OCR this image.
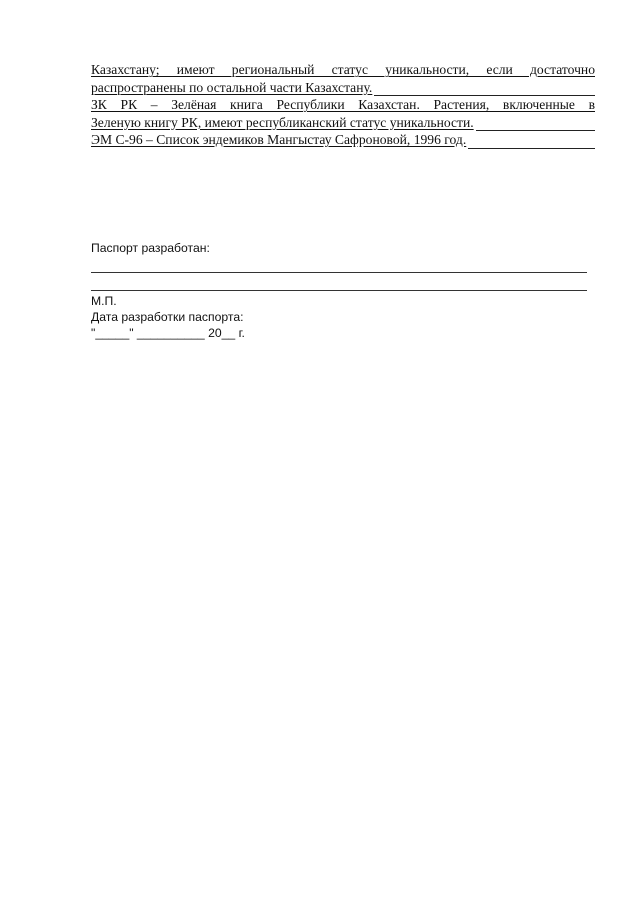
Казахстану; имеют региональный статус уникальности, если достаточно

распространены по остальной части Казахстану.

ЗК РК – Зелёная книга Республики Казахстан. Растения, включенные в

Зеленую книгу РК, имеют республиканский статус уникальности.
ЭМ С-96 – Список эндемиков Мангыстау Сафроновой, 1996 год.
Паспорт разработан:
М.П.
Дата разработки паспорта:
"_____" __________ 20__ г.
